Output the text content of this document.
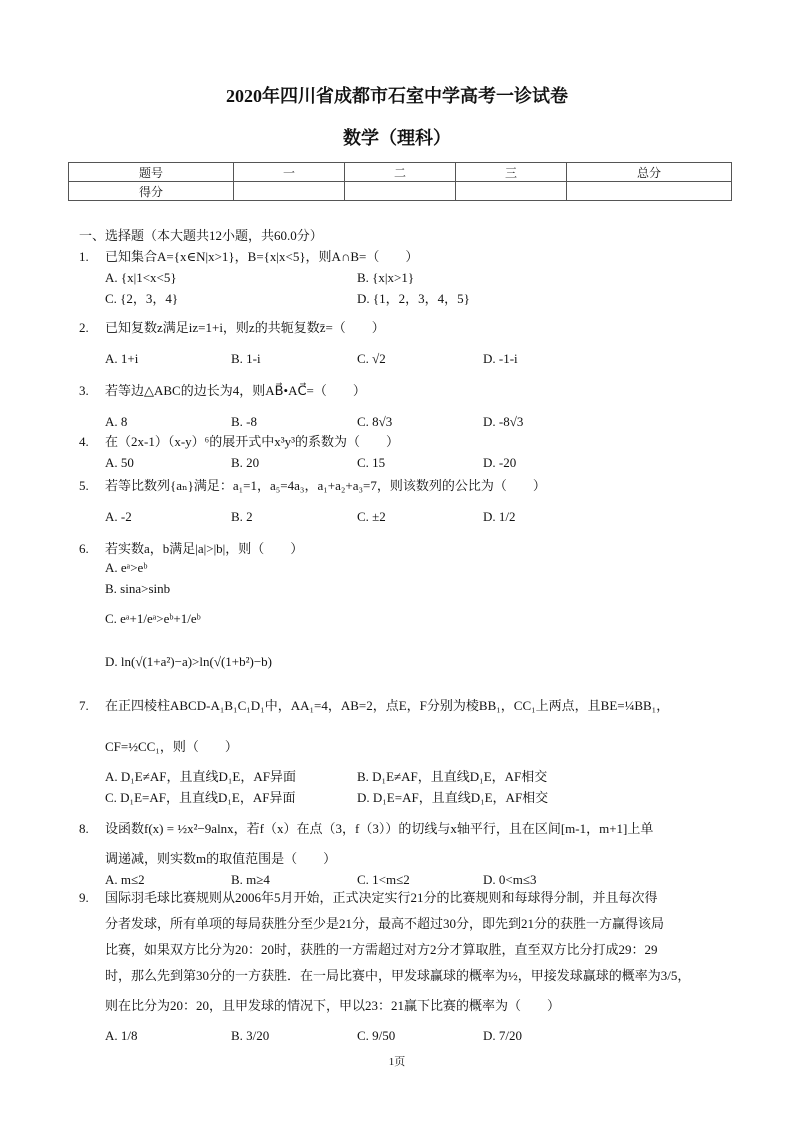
2020年四川省成都市石室中学高考一诊试卷
数学（理科）
题号	一	二	三	总分
得分				
一、选择题（本大题共12小题，共60.0分）
1. 已知集合A={x∈N|x>1}，B={x|x<5}，则A∩B=（　　）
A. {x|1<x<5}	B. {x|x>1}
C. {2，3，4}	D. {1，2，3，4，5}
2. 已知复数z满足iz=1+i，则z的共轭复数z̄=（　　）
A. 1+i	B. 1-i	C. √2	D. -1-i
3. 若等边△ABC的边长为4，则AB⃗•AC⃗=（　　）
A. 8	B. -8	C. 8√3	D. -8√3
4. 在（2x-1）（x-y）⁶的展开式中x³y³的系数为（　　）
A. 50	B. 20	C. 15	D. -20
5. 若等比数列{aₙ}满足：a₁=1，a₅=4a₃，a₁+a₂+a₃=7，则该数列的公比为（　　）
A. -2	B. 2	C. ±2	D. 1/2
6. 若实数a，b满足|a|>|b|，则（　　）
A. eᵃ>eᵇ
B. sina>sinb
C. eᵃ+1/eᵃ>eᵇ+1/eᵇ
D. ln(√(1+a²)−a)>ln(√(1+b²)−b)
7. 在正四棱柱ABCD-A₁B₁C₁D₁中，AA₁=4，AB=2，点E，F分别为棱BB₁，CC₁上两点，且BE=¼BB₁，
CF=½CC₁，则（　　）
A. D₁E≠AF，且直线D₁E，AF异面	B. D₁E≠AF，且直线D₁E，AF相交
C. D₁E=AF，且直线D₁E，AF异面	D. D₁E=AF，且直线D₁E，AF相交
8. 设函数f(x) = ½x²−9alnx，若f（x）在点（3，f（3））的切线与x轴平行，且在区间[m-1，m+1]上单
调递减，则实数m的取值范围是（　　）
A. m≤2	B. m≥4	C. 1<m≤2	D. 0<m≤3
9. 国际羽毛球比赛规则从2006年5月开始，正式决定实行21分的比赛规则和每球得分制，并且每次得
分者发球，所有单项的每局获胜分至少是21分，最高不超过30分，即先到21分的获胜一方赢得该局
比赛，如果双方比分为20：20时，获胜的一方需超过对方2分才算取胜，直至双方比分打成29：29
时，那么先到第30分的一方获胜．在一局比赛中，甲发球赢球的概率为½，甲接发球赢球的概率为3/5，
则在比分为20：20，且甲发球的情况下，甲以23：21赢下比赛的概率为（　　）
A. 1/8	B. 3/20	C. 9/50	D. 7/20
1页
